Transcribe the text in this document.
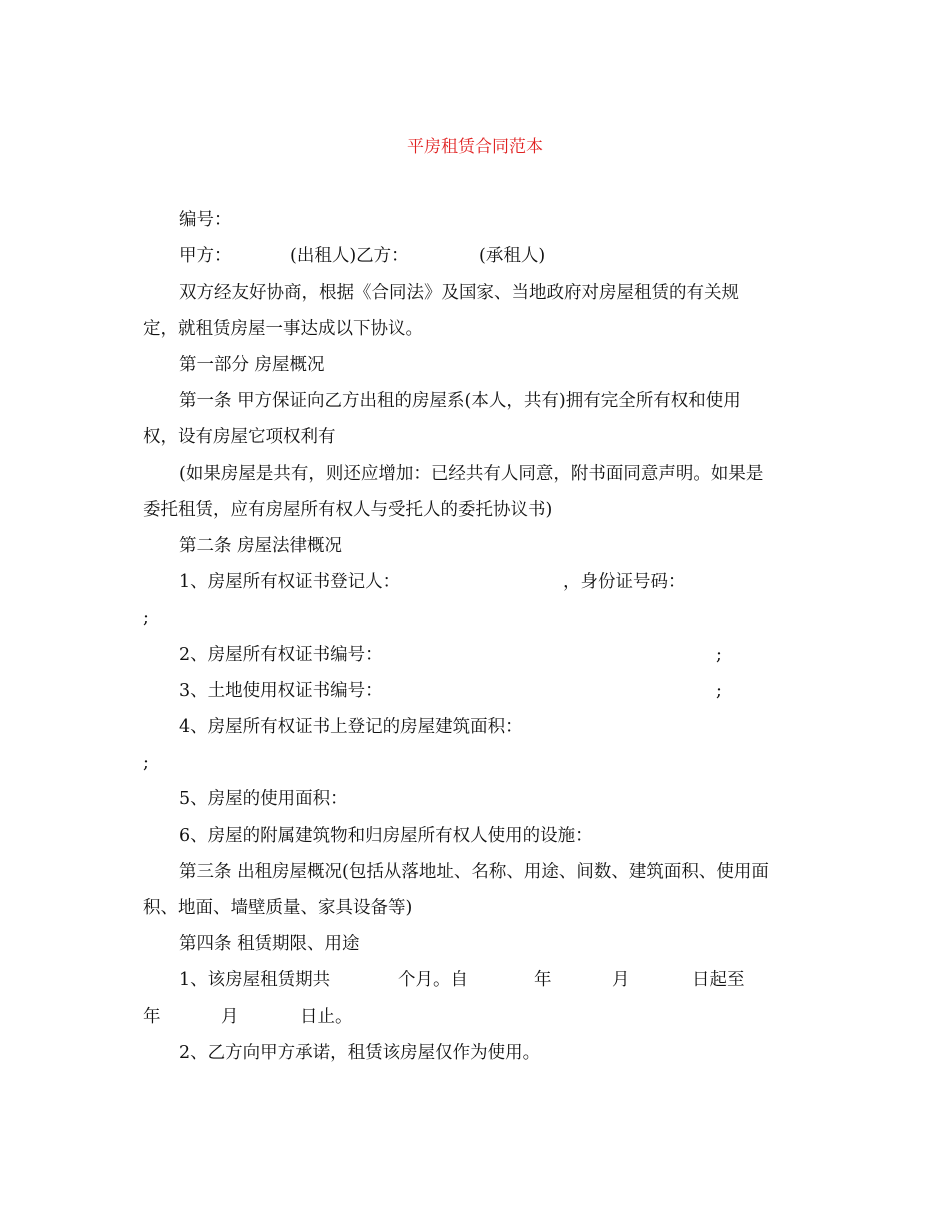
平房租赁合同范本
编号：
甲方：	(出租人)乙方：	(承租人)
双方经友好协商，根据《合同法》及国家、当地政府对房屋租赁的有关规
定，就租赁房屋一事达成以下协议。
第一部分 房屋概况
第一条 甲方保证向乙方出租的房屋系(本人，共有)拥有完全所有权和使用
权，设有房屋它项权利有
(如果房屋是共有，则还应增加：已经共有人同意，附书面同意声明。如果是
委托租赁，应有房屋所有权人与受托人的委托协议书)
第二条 房屋法律概况
1、房屋所有权证书登记人：	，身份证号码：
;
2、房屋所有权证书编号：	;
3、土地使用权证书编号：	;
4、房屋所有权证书上登记的房屋建筑面积：
;
5、房屋的使用面积：
6、房屋的附属建筑物和归房屋所有权人使用的设施：
第三条 出租房屋概况(包括从落地址、名称、用途、间数、建筑面积、使用面
积、地面、墙壁质量、家具设备等)
第四条 租赁期限、用途
1、该房屋租赁期共	个月。自	年	月	日起至
年	月	日止。
2、乙方向甲方承诺，租赁该房屋仅作为使用。
